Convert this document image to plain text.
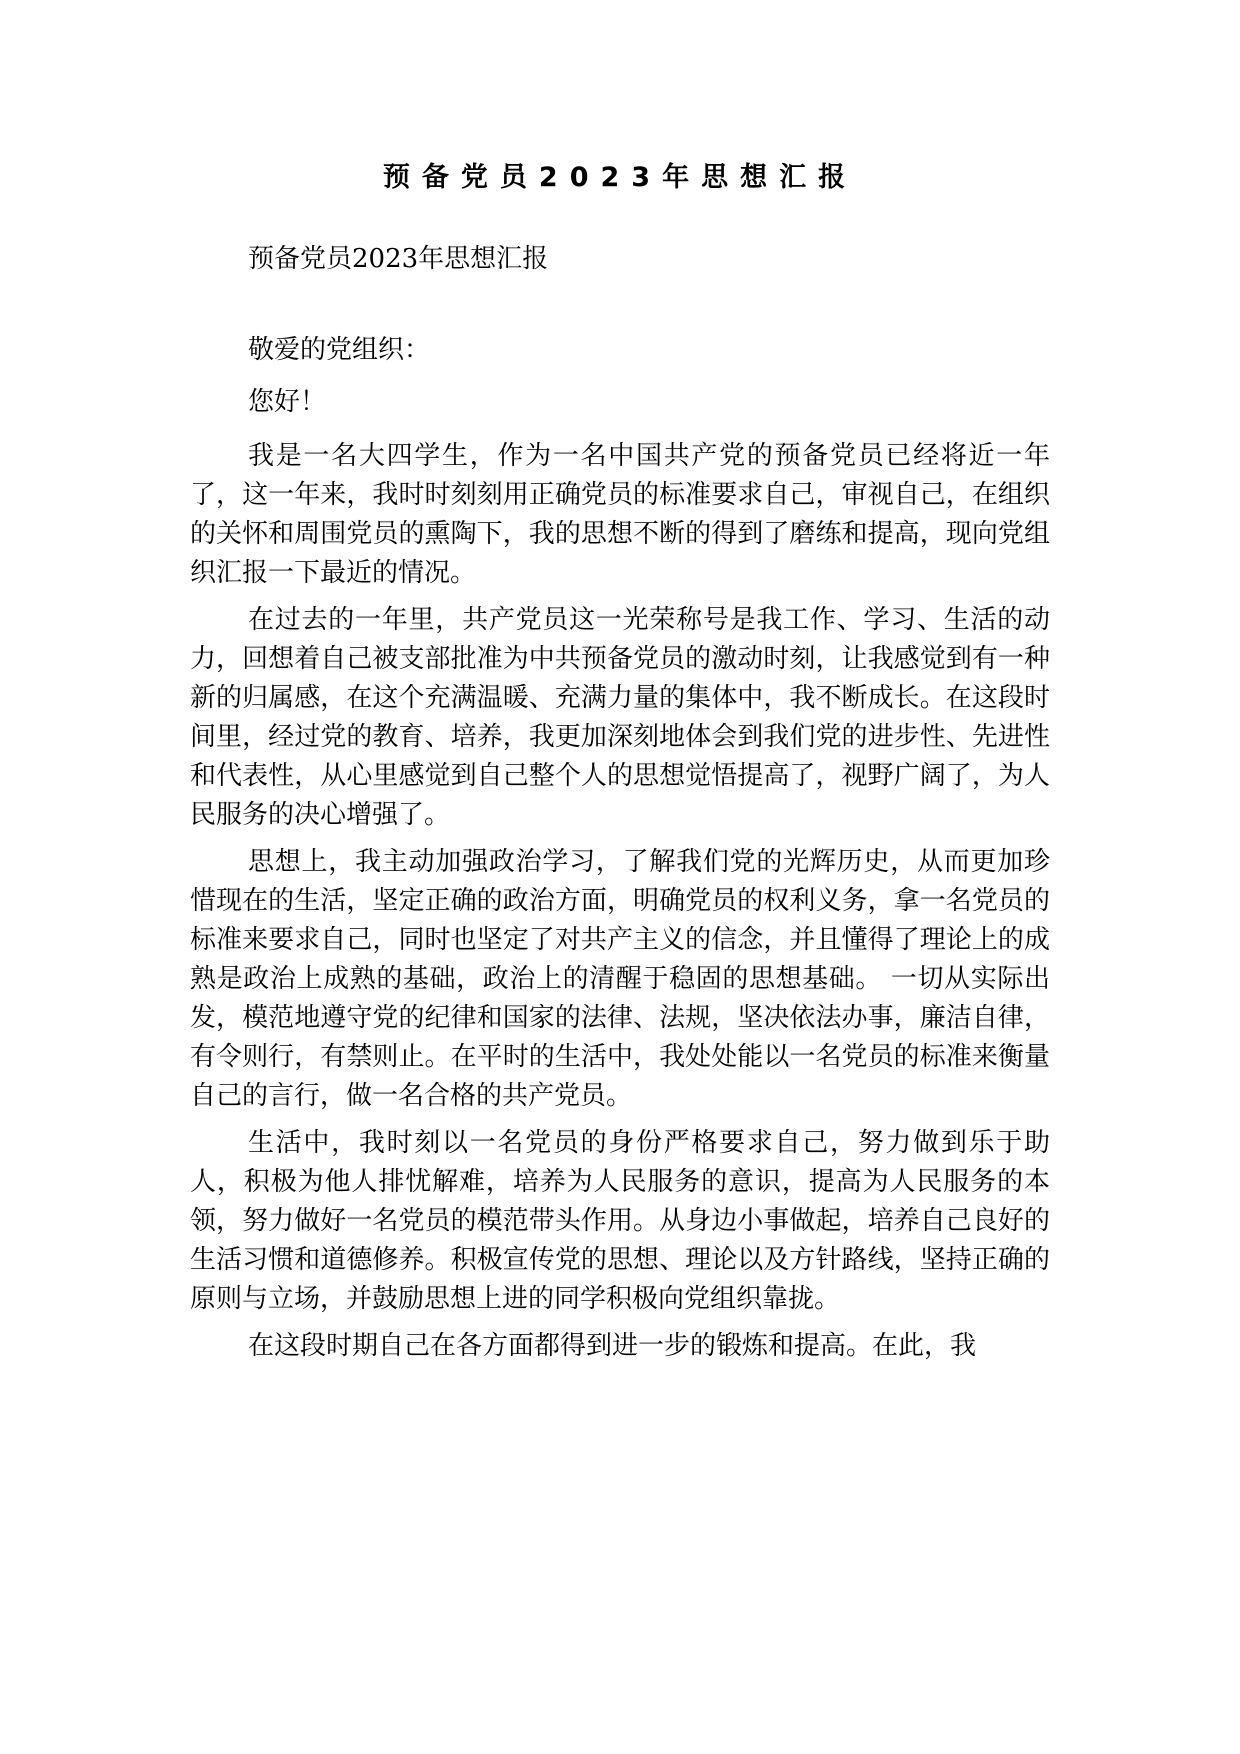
预备党员2023年思想汇报

预备党员2023年思想汇报

敬爱的党组织：

您好！

我是一名大四学生，作为一名中国共产党的预备党员已经将近一年了，这一年来，我时时刻刻用正确党员的标准要求自己，审视自己，在组织的关怀和周围党员的熏陶下，我的思想不断的得到了磨练和提高，现向党组织汇报一下最近的情况。

在过去的一年里，共产党员这一光荣称号是我工作、学习、生活的动力，回想着自己被支部批准为中共预备党员的激动时刻，让我感觉到有一种新的归属感，在这个充满温暖、充满力量的集体中，我不断成长。在这段时间里，经过党的教育、培养，我更加深刻地体会到我们党的进步性、先进性和代表性，从心里感觉到自己整个人的思想觉悟提高了，视野广阔了，为人民服务的决心增强了。

思想上，我主动加强政治学习，了解我们党的光辉历史，从而更加珍惜现在的生活，坚定正确的政治方面，明确党员的权利义务，拿一名党员的标准来要求自己，同时也坚定了对共产主义的信念，并且懂得了理论上的成熟是政治上成熟的基础，政治上的清醒于稳固的思想基础。 一切从实际出发，模范地遵守党的纪律和国家的法律、法规，坚决依法办事，廉洁自律，有令则行，有禁则止。在平时的生活中，我处处能以一名党员的标准来衡量自己的言行，做一名合格的共产党员。

生活中，我时刻以一名党员的身份严格要求自己，努力做到乐于助人，积极为他人排忧解难，培养为人民服务的意识，提高为人民服务的本领，努力做好一名党员的模范带头作用。从身边小事做起，培养自己良好的生活习惯和道德修养。积极宣传党的思想、理论以及方针路线，坚持正确的原则与立场，并鼓励思想上进的同学积极向党组织靠拢。

在这段时期自己在各方面都得到进一步的锻炼和提高。在此，我
